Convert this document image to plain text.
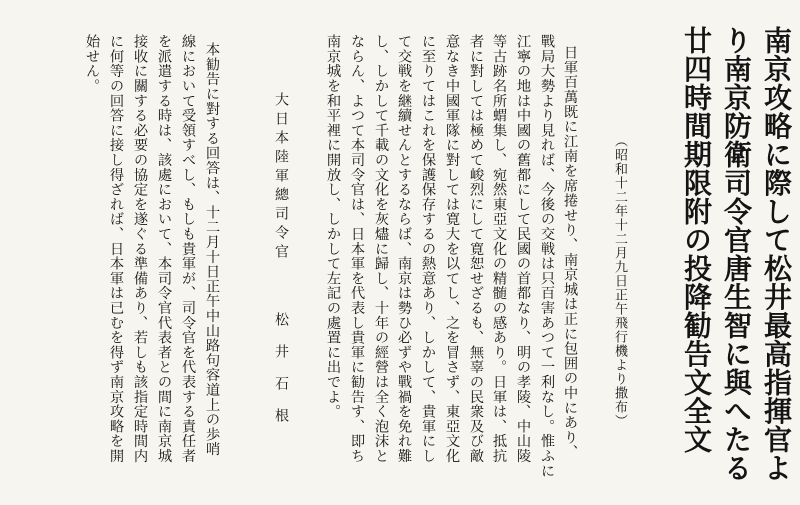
南京攻略に際して松井最高指揮官よ
り南京防衛司令官唐生智に與へたる
廿四時間期限附の投降勧告文全文
（昭和十二年十二月九日正午飛行機より撒布）
日軍百萬既に江南を席捲せり、南京城は正に包囲の中にあり、
戰局大勢より見れば、今後の交戦は只百害あつて一利なし。惟ふに
江寧の地は中國の舊都にして民國の首都なり、明の孝陵、中山陵
等古跡名所蝟集し、宛然東亞文化の精髄の感あり。日軍は、抵抗
者に對しては極めて峻烈にして寛恕せざるも、無辜の民衆及び敵
意なき中國軍隊に對しては寛大を以てし、之を冒さず、東亞文化
に至りてはこれを保護保存するの熱意あり、しかして、貴軍にし
て交戦を継續せんとするならば、南京は勢ひ必ずや戰禍を免れ難
し、しかして千載の文化を灰燼に歸し、十年の經營は全く泡沫と
ならん、よつて本司令官は、日本軍を代表し貴軍に勧告す、即ち
南京城を和平裡に開放し、しかして左記の處置に出でよ。
大日本陸軍總司令官
松井石根
本勧告に對する回答は、十二月十日正午中山路句容道上の歩哨
線において受領すべし、もしも貴軍が、司令官を代表する責任者
を派遣する時は、該處において、本司令官代表者との間に南京城
接收に關する必要の協定を遂ぐる準備あり、若しも該指定時間内
に何等の回答に接し得ざれば、日本軍は已むを得ず南京攻略を開
始せん。
